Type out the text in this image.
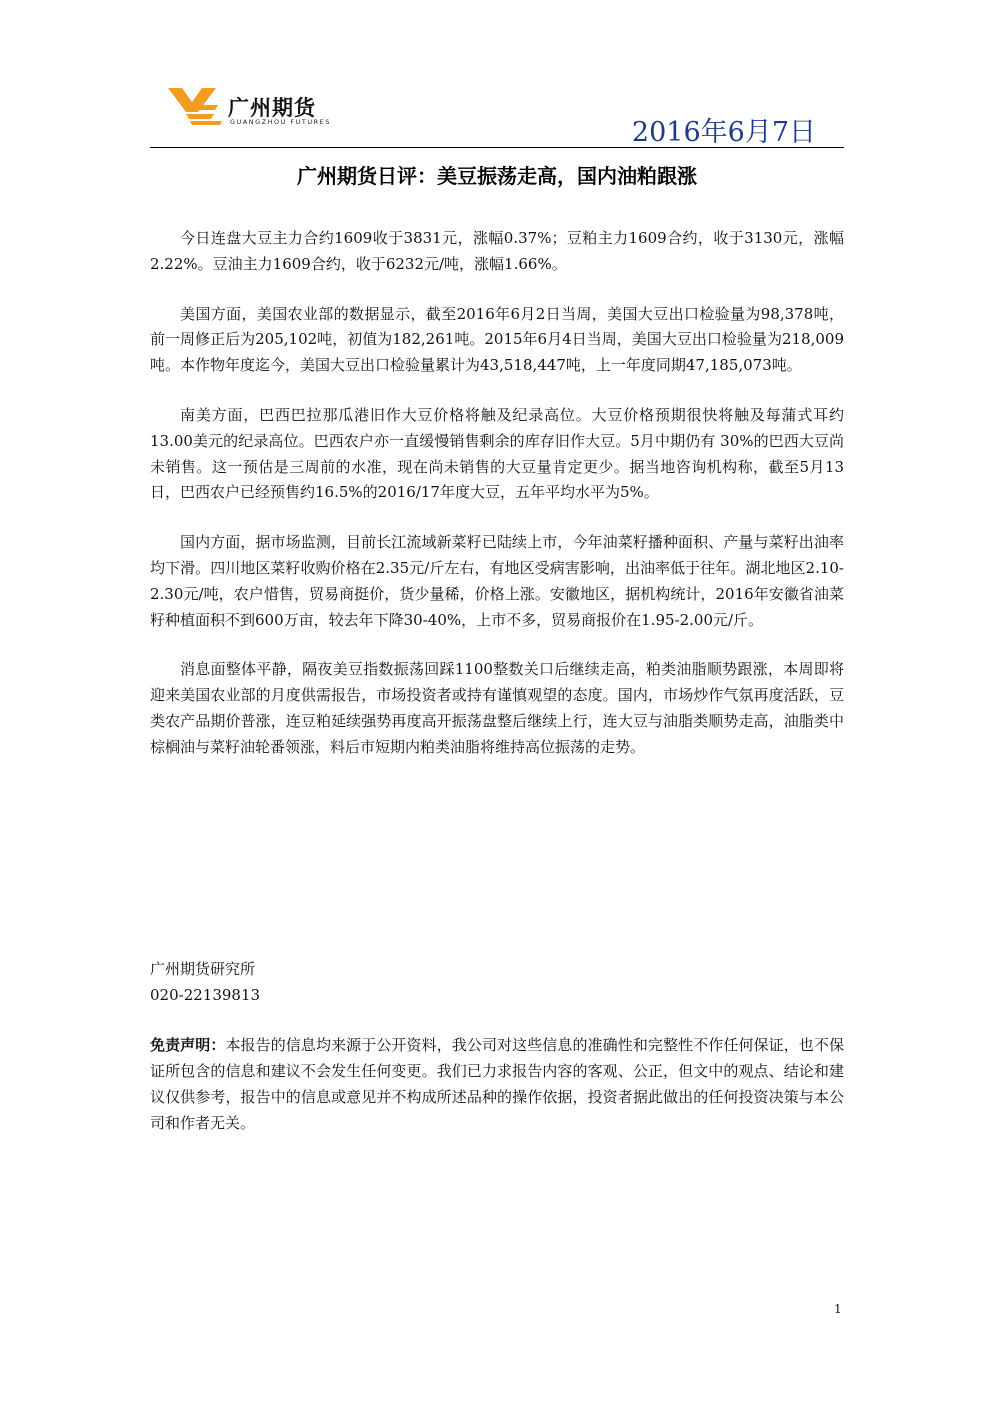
广州期货
GUANGZHOU FUTURES	2016年6月7日
广州期货日评：美豆振荡走高，国内油粕跟涨

今日连盘大豆主力合约1609收于3831元，涨幅0.37%；豆粕主力1609合约，收于3130元，涨幅2.22%。豆油主力1609合约，收于6232元/吨，涨幅1.66%。

美国方面，美国农业部的数据显示，截至2016年6月2日当周，美国大豆出口检验量为98,378吨，前一周修正后为205,102吨，初值为182,261吨。2015年6月4日当周，美国大豆出口检验量为218,009吨。本作物年度迄今，美国大豆出口检验量累计为43,518,447吨，上一年度同期47,185,073吨。

南美方面，巴西巴拉那瓜港旧作大豆价格将触及纪录高位。大豆价格预期很快将触及每蒲式耳约13.00美元的纪录高位。巴西农户亦一直缓慢销售剩余的库存旧作大豆。5月中期仍有 30%的巴西大豆尚未销售。这一预估是三周前的水准，现在尚未销售的大豆量肯定更少。据当地咨询机构称，截至5月13日，巴西农户已经预售约16.5%的2016/17年度大豆，五年平均水平为5%。

国内方面，据市场监测，目前长江流域新菜籽已陆续上市，今年油菜籽播种面积、产量与菜籽出油率均下滑。四川地区菜籽收购价格在2.35元/斤左右，有地区受病害影响，出油率低于往年。湖北地区2.10-2.30元/吨，农户惜售，贸易商挺价，货少量稀，价格上涨。安徽地区，据机构统计，2016年安徽省油菜籽种植面积不到600万亩，较去年下降30-40%，上市不多，贸易商报价在1.95-2.00元/斤。

消息面整体平静，隔夜美豆指数振荡回踩1100整数关口后继续走高，粕类油脂顺势跟涨，本周即将迎来美国农业部的月度供需报告，市场投资者或持有谨慎观望的态度。国内，市场炒作气氛再度活跃，豆类农产品期价普涨，连豆粕延续强势再度高开振荡盘整后继续上行，连大豆与油脂类顺势走高，油脂类中棕榈油与菜籽油轮番领涨，料后市短期内粕类油脂将维持高位振荡的走势。

广州期货研究所
020-22139813
免责声明：本报告的信息均来源于公开资料，我公司对这些信息的准确性和完整性不作任何保证，也不保证所包含的信息和建议不会发生任何变更。我们已力求报告内容的客观、公正，但文中的观点、结论和建议仅供参考，报告中的信息或意见并不构成所述品种的操作依据，投资者据此做出的任何投资决策与本公司和作者无关。
1
